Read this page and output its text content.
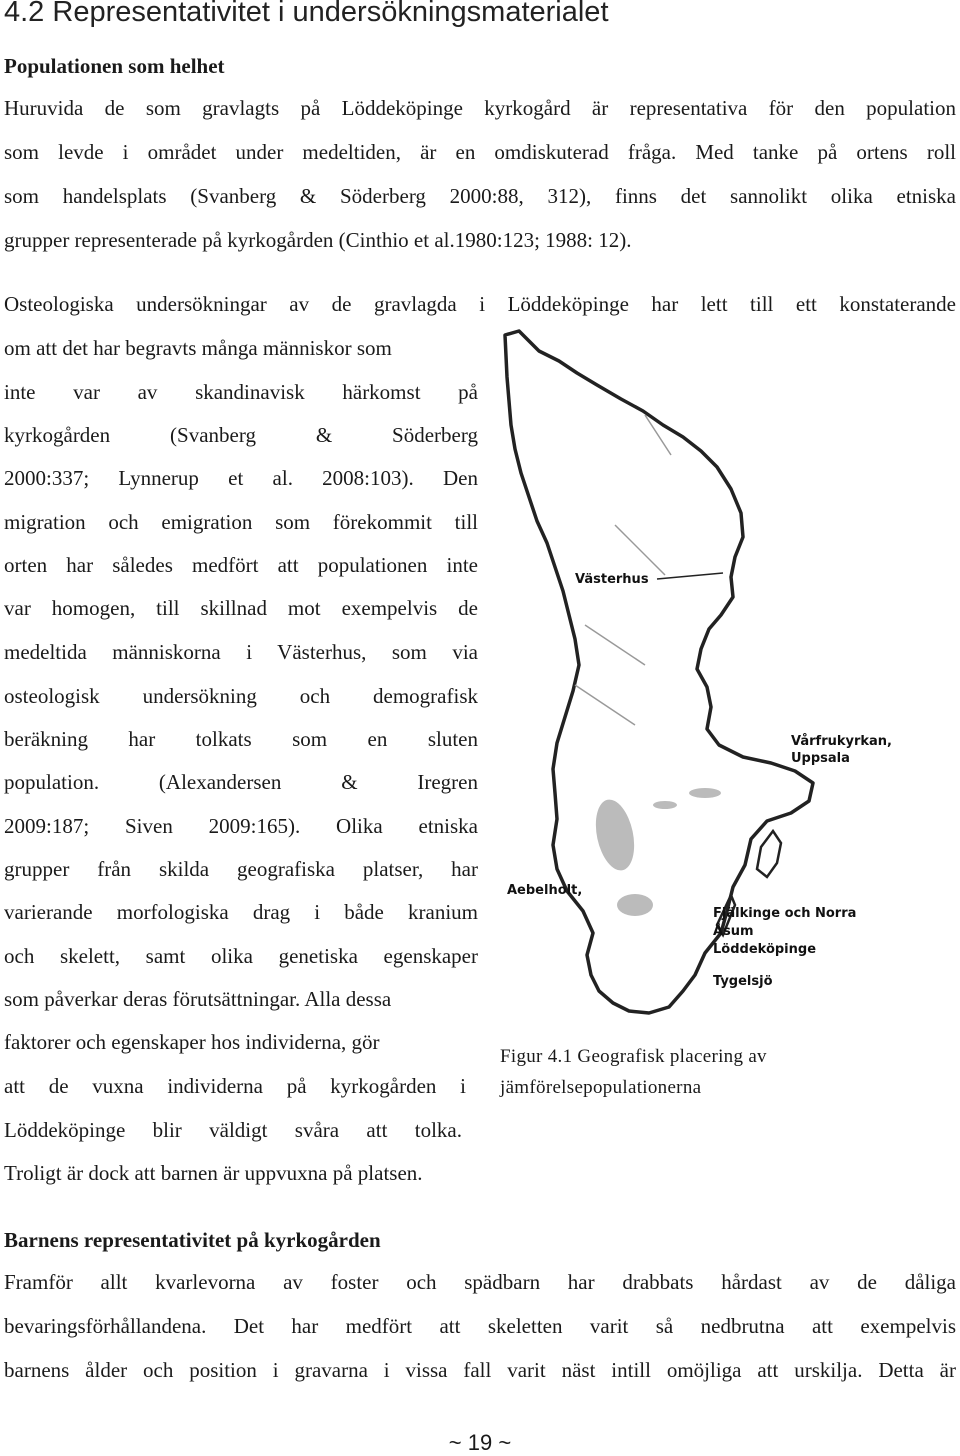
4.2 Representativitet i undersökningsmaterialet
Populationen som helhet
Huruvida de som gravlagts på Löddeköpinge kyrkogård är representativa för den population
som levde i området under medeltiden, är en omdiskuterad fråga. Med tanke på ortens roll
som handelsplats (Svanberg & Söderberg 2000:88, 312), finns det sannolikt olika etniska
grupper representerade på kyrkogården (Cinthio et al.1980:123; 1988: 12).
Osteologiska undersökningar av de gravlagda i Löddeköpinge har lett till ett konstaterande
om att det har begravts många människor som
inte var av skandinavisk härkomst på
kyrkogården (Svanberg & Söderberg
2000:337; Lynnerup et al. 2008:103). Den
migration och emigration som förekommit till
orten har således medfört att populationen inte
var homogen, till skillnad mot exempelvis de
medeltida människorna i Västerhus, som via
osteologisk undersökning och demografisk
beräkning har tolkats som en sluten
population. (Alexandersen & Iregren
2009:187; Siven 2009:165). Olika etniska
grupper från skilda geografiska platser, har
varierande morfologiska drag i både kranium
och skelett, samt olika genetiska egenskaper
som påverkar deras förutsättningar. Alla dessa
faktorer och egenskaper hos individerna, gör
att de vuxna individerna på kyrkogården i
Löddeköpinge blir väldigt svåra att tolka.
Troligt är dock att barnen är uppvuxna på platsen.
Västerhus
Vårfrukyrkan,
Uppsala
Aebelholt,
Fjälkinge och Norra
Åsum
Löddeköpinge
Tygelsjö
Figur 4.1 Geografisk placering av
jämförelsepopulationerna
Barnens representativitet på kyrkogården
Framför allt kvarlevorna av foster och spädbarn har drabbats hårdast av de dåliga
bevaringsförhållandena. Det har medfört att skeletten varit så nedbrutna att exempelvis
barnens ålder och position i gravarna i vissa fall varit näst intill omöjliga att urskilja. Detta är
~ 19 ~
